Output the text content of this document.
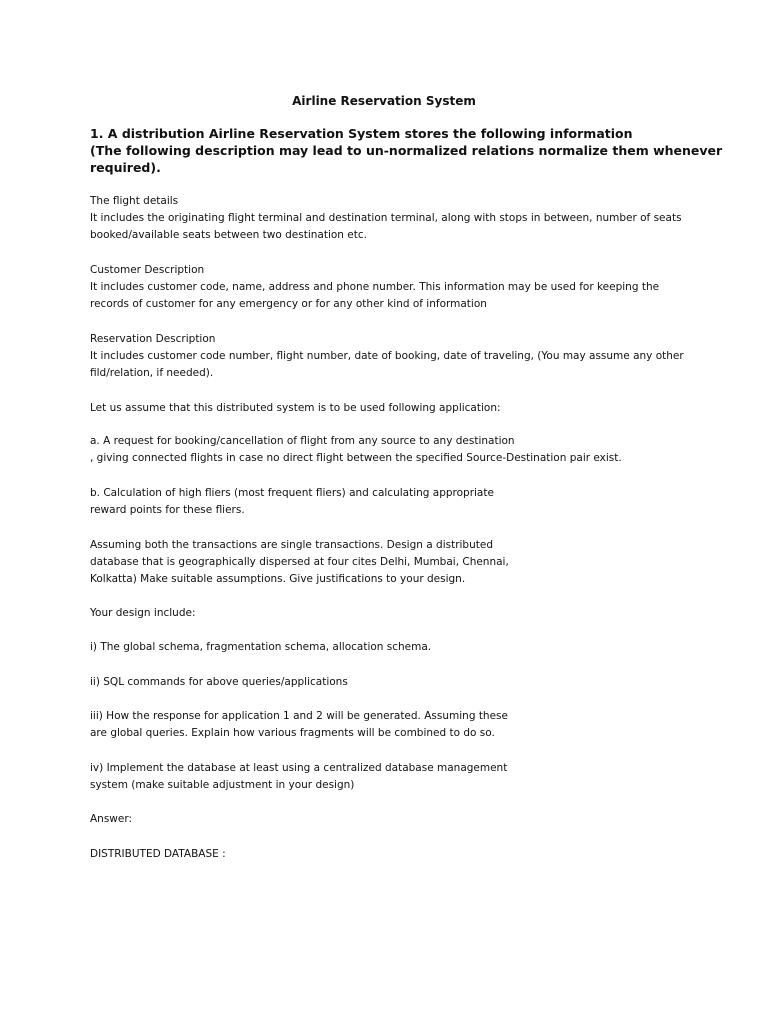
Airline Reservation System
1. A distribution Airline Reservation System stores the following information
(The following description may lead to un-normalized relations normalize them whenever
required).
The flight details
It includes the originating flight terminal and destination terminal, along with stops in between, number of seats
booked/available seats between two destination etc.
Customer Description
It includes customer code, name, address and phone number. This information may be used for keeping the
records of customer for any emergency or for any other kind of information
Reservation Description
It includes customer code number, flight number, date of booking, date of traveling, (You may assume any other
fild/relation, if needed).
Let us assume that this distributed system is to be used following application:
a. A request for booking/cancellation of flight from any source to any destination
, giving connected flights in case no direct flight between the specified Source-Destination pair exist.
b. Calculation of high fliers (most frequent fliers) and calculating appropriate
reward points for these fliers.
Assuming both the transactions are single transactions. Design a distributed
database that is geographically dispersed at four cites Delhi, Mumbai, Chennai,
Kolkatta) Make suitable assumptions. Give justifications to your design.
Your design include:
i) The global schema, fragmentation schema, allocation schema.
ii) SQL commands for above queries/applications
iii) How the response for application 1 and 2 will be generated. Assuming these
are global queries. Explain how various fragments will be combined to do so.
iv) Implement the database at least using a centralized database management
system (make suitable adjustment in your design)
Answer:
DISTRIBUTED DATABASE :
